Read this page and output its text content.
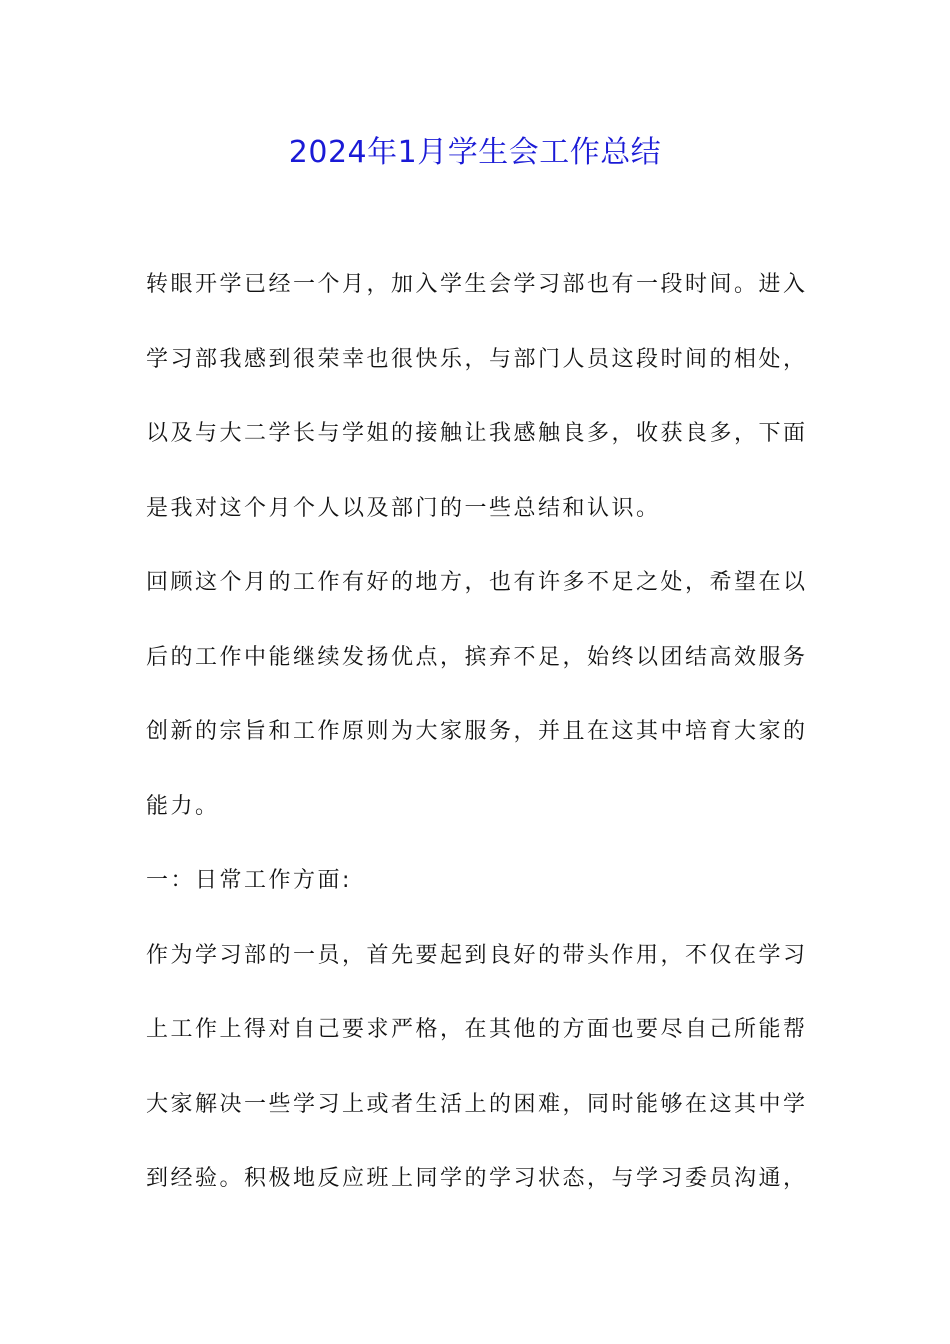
2024年1月学生会工作总结
转眼开学已经一个月，加入学生会学习部也有一段时间。进入
学习部我感到很荣幸也很快乐，与部门人员这段时间的相处，
以及与大二学长与学姐的接触让我感触良多，收获良多，下面
是我对这个月个人以及部门的一些总结和认识。
回顾这个月的工作有好的地方，也有许多不足之处，希望在以
后的工作中能继续发扬优点，摈弃不足，始终以团结高效服务
创新的宗旨和工作原则为大家服务，并且在这其中培育大家的
能力。
一：日常工作方面:
作为学习部的一员，首先要起到良好的带头作用，不仅在学习
上工作上得对自己要求严格，在其他的方面也要尽自己所能帮
大家解决一些学习上或者生活上的困难，同时能够在这其中学
到经验。积极地反应班上同学的学习状态，与学习委员沟通，
